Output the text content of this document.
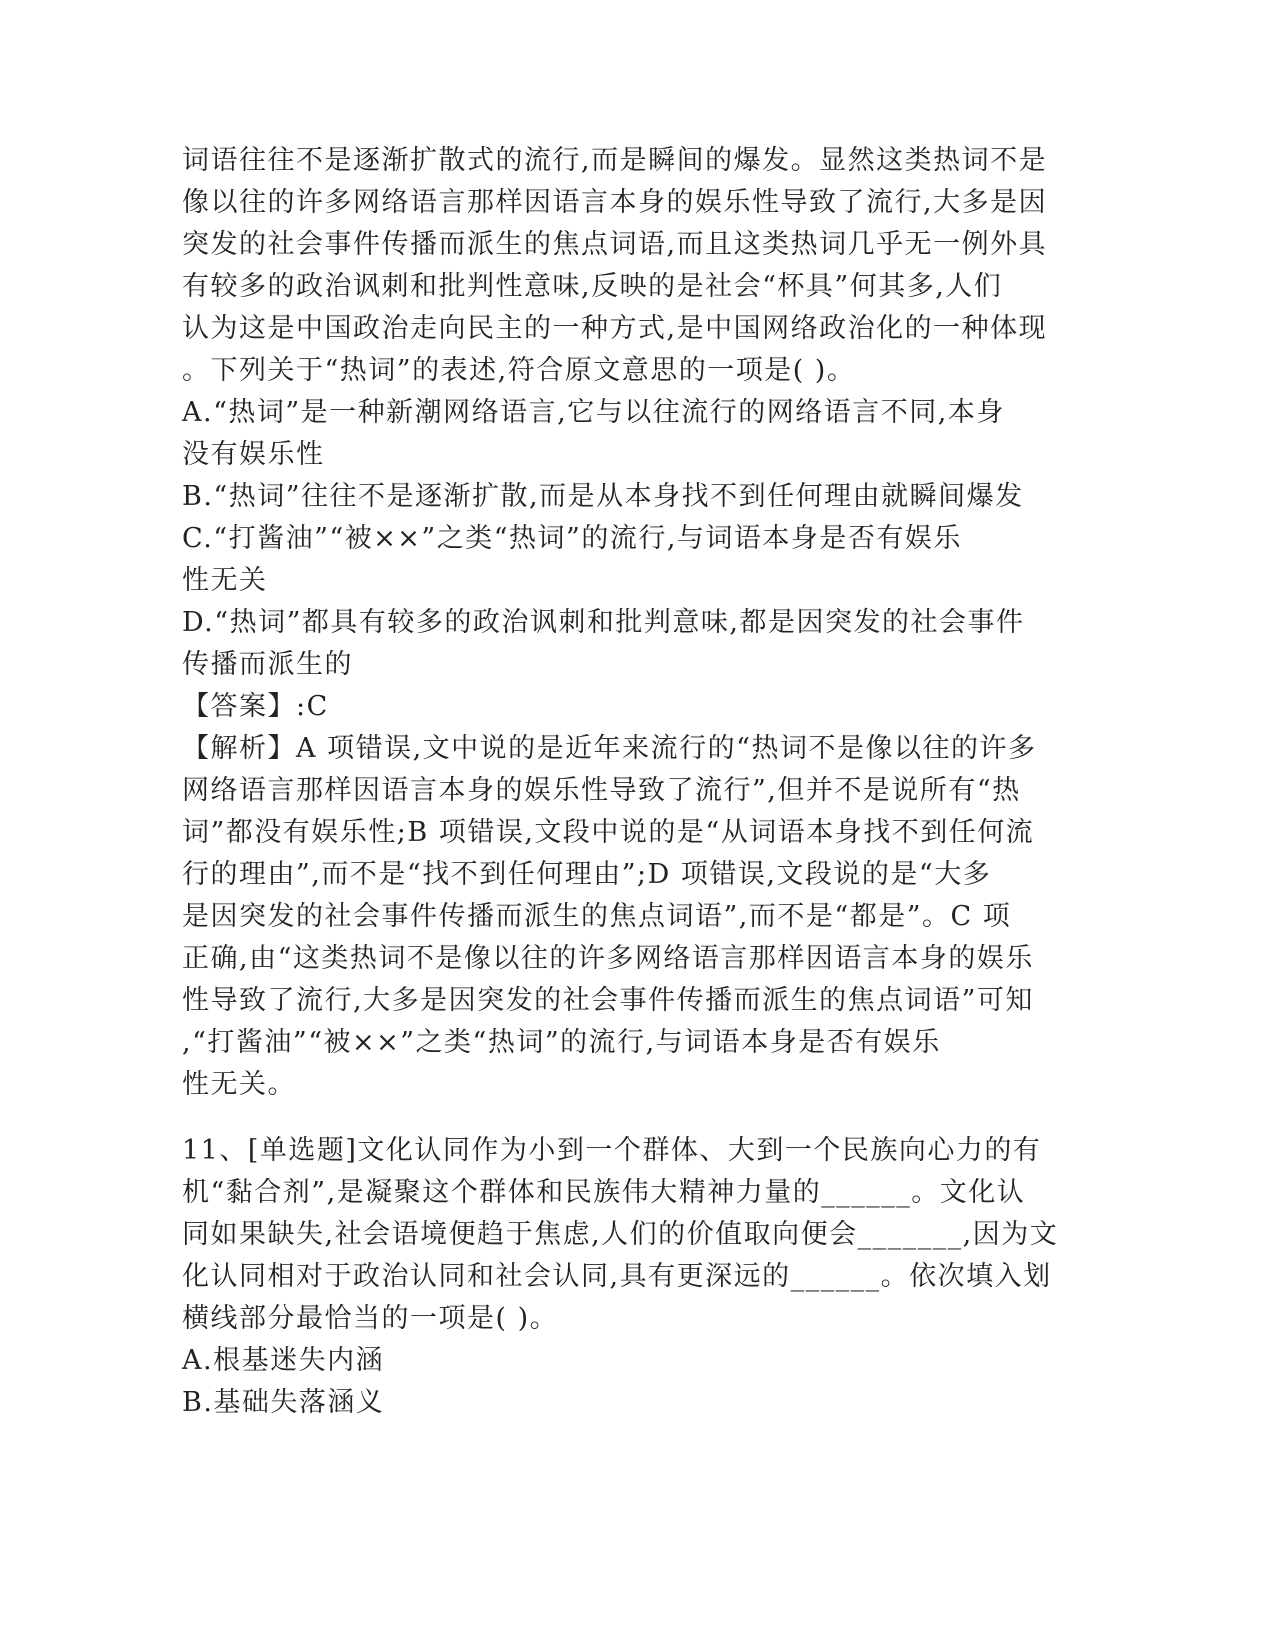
词语往往不是逐渐扩散式的流行,而是瞬间的爆发。显然这类热词不是
像以往的许多网络语言那样因语言本身的娱乐性导致了流行,大多是因
突发的社会事件传播而派生的焦点词语,而且这类热词几乎无一例外具
有较多的政治讽刺和批判性意味,反映的是社会“杯具”何其多,人们
认为这是中国政治走向民主的一种方式,是中国网络政治化的一种体现
。下列关于“热词”的表述,符合原文意思的一项是( )。
A.“热词”是一种新潮网络语言,它与以往流行的网络语言不同,本身
没有娱乐性
B.“热词”往往不是逐渐扩散,而是从本身找不到任何理由就瞬间爆发
C.“打酱油”“被××”之类“热词”的流行,与词语本身是否有娱乐
性无关
D.“热词”都具有较多的政治讽刺和批判意味,都是因突发的社会事件
传播而派生的
【答案】:C
【解析】A 项错误,文中说的是近年来流行的“热词不是像以往的许多
网络语言那样因语言本身的娱乐性导致了流行”,但并不是说所有“热
词”都没有娱乐性;B 项错误,文段中说的是“从词语本身找不到任何流
行的理由”,而不是“找不到任何理由”;D 项错误,文段说的是“大多
是因突发的社会事件传播而派生的焦点词语”,而不是“都是”。C 项
正确,由“这类热词不是像以往的许多网络语言那样因语言本身的娱乐
性导致了流行,大多是因突发的社会事件传播而派生的焦点词语”可知
,“打酱油”“被××”之类“热词”的流行,与词语本身是否有娱乐
性无关。
11、[单选题]文化认同作为小到一个群体、大到一个民族向心力的有
机“黏合剂”,是凝聚这个群体和民族伟大精神力量的______。文化认
同如果缺失,社会语境便趋于焦虑,人们的价值取向便会_______,因为文
化认同相对于政治认同和社会认同,具有更深远的______。依次填入划
横线部分最恰当的一项是( )。
A.根基迷失内涵
B.基础失落涵义
